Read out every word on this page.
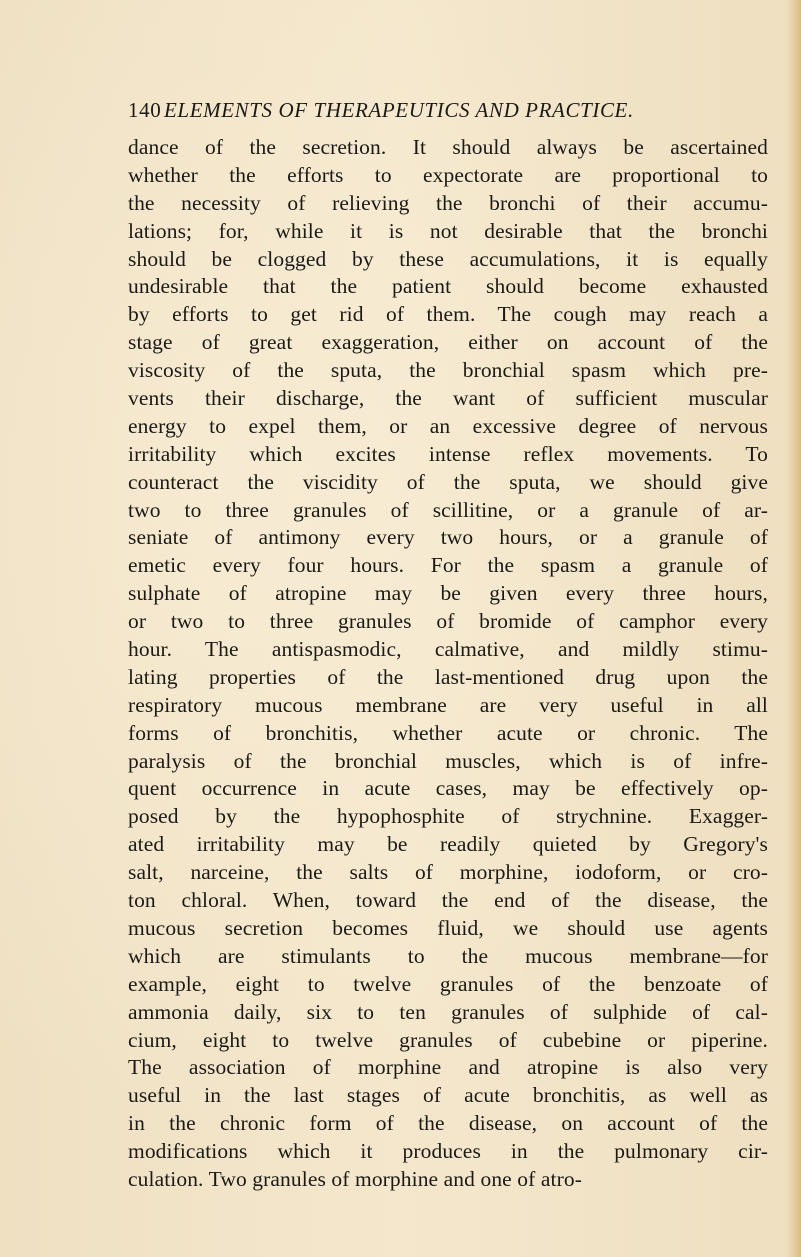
140 ELEMENTS OF THERAPEUTICS AND PRACTICE.
dance of the secretion. It should always be ascertained
whether the efforts to expectorate are proportional to
the necessity of relieving the bronchi of their accumu-
lations; for, while it is not desirable that the bronchi
should be clogged by these accumulations, it is equally
undesirable that the patient should become exhausted
by efforts to get rid of them. The cough may reach a
stage of great exaggeration, either on account of the
viscosity of the sputa, the bronchial spasm which pre-
vents their discharge, the want of sufficient muscular
energy to expel them, or an excessive degree of nervous
irritability which excites intense reflex movements. To
counteract the viscidity of the sputa, we should give
two to three granules of scillitine, or a granule of ar-
seniate of antimony every two hours, or a granule of
emetic every four hours. For the spasm a granule of
sulphate of atropine may be given every three hours,
or two to three granules of bromide of camphor every
hour. The antispasmodic, calmative, and mildly stimu-
lating properties of the last-mentioned drug upon the
respiratory mucous membrane are very useful in all
forms of bronchitis, whether acute or chronic. The
paralysis of the bronchial muscles, which is of infre-
quent occurrence in acute cases, may be effectively op-
posed by the hypophosphite of strychnine. Exagger-
ated irritability may be readily quieted by Gregory's
salt, narceine, the salts of morphine, iodoform, or cro-
ton chloral. When, toward the end of the disease, the
mucous secretion becomes fluid, we should use agents
which are stimulants to the mucous membrane—for
example, eight to twelve granules of the benzoate of
ammonia daily, six to ten granules of sulphide of cal-
cium, eight to twelve granules of cubebine or piperine.
The association of morphine and atropine is also very
useful in the last stages of acute bronchitis, as well as
in the chronic form of the disease, on account of the
modifications which it produces in the pulmonary cir-
culation. Two granules of morphine and one of atro-
